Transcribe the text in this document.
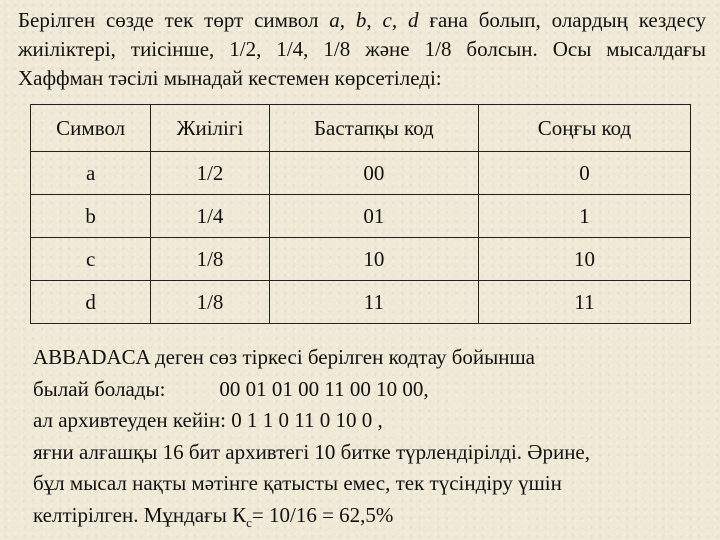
Берілген сөзде тек төрт символ a, b, c, d ғана болып, олардың кездесу жиіліктері, тиісінше, 1/2, 1/4, 1/8 және 1/8 болсын. Осы мысалдағы Хаффман тәсілі мынадай кестемен көрсетіледі:

Символ	Жиілігі	Бастапқы код	Соңғы код
a	1/2	00	0
b	1/4	01	1
c	1/8	10	10
d	1/8	11	11
ABBADACA деген сөз тіркесі берілген кодтау бойынша
былай болады:	00 01 01 00 11 00 10 00,
ал архивтеуден кейін: 0 1 1 0 11 0 10 0 ,
яғни алғашқы 16 бит архивтегі 10 битке түрлендірілді. Әрине,
бұл мысал нақты мәтінге қатысты емес, тек түсіндіру үшін
келтірілген. Мұндағы $К_с= 10/16 = 62,5\%$
